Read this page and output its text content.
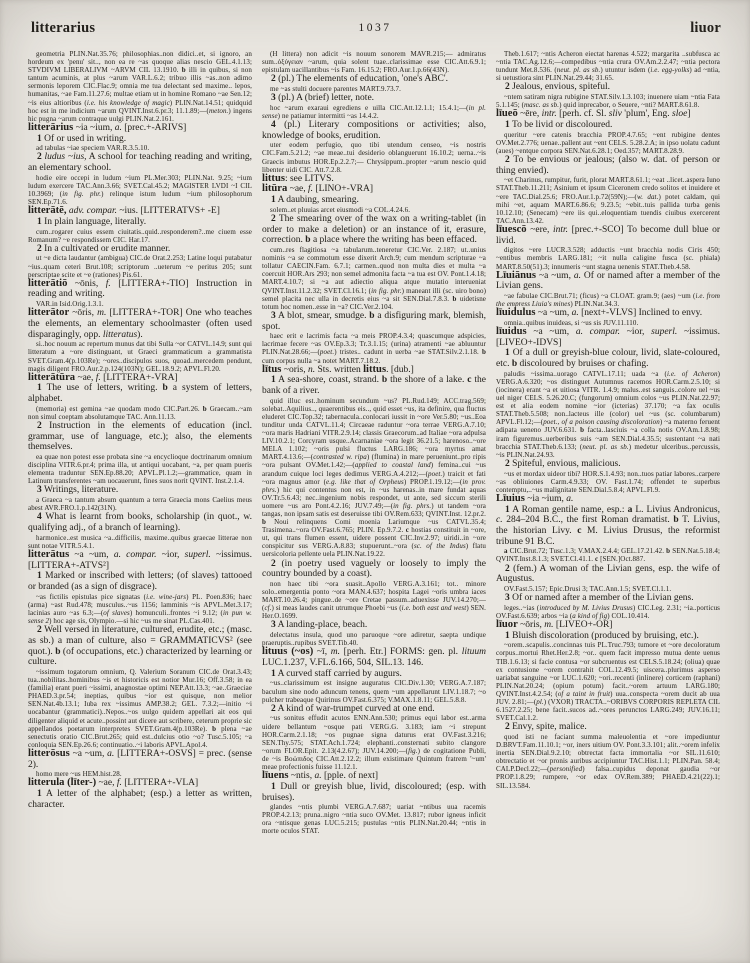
litterarius	1037	liuor

geometria PLIN.Nat.35.76; philosophias..non didici..et, si ignoro, an hordeum ex 'penu' sit.., non ea re ~as quoque alias nescio GEL.4.1.13; STVDIVM LIBERALIVM ~ARVM CIL 13.1910. b illi in quibus, si non tantum acuminis, at plus ~arum VAR.L.6.2; tribuo illis ~as..non adimo sermonis leporem CIC.Flac.9; omnia me tua delectant sed maxime.. lepos, humanitas, ~ae Fam.11.27.6; multae etiam ut in homine Romano ~ae Sen.12; ~is eius altioribus (i.e. his knowledge of magic) PLIN.Nat.14.51; quidquid hoc est in me indicium ~arum QVINT.Inst.6.pr.3; 11.1.89;—(meton.) ingens hic pugna ~arum contraque uulgi PLIN.Nat.2.161.

litterārius ~ia ~ium, a. [prec.+-ARIVS]

1 Of or used in writing.

ad tabulas ~iae speciem VAR.R.3.5.10.

2 ludus ~ius, A school for teaching reading and writing, an elementary school.

hodie eire occepi in ludum ~ium PL.Mer.303; PLIN.Nat. 9.25; ~ium ludum exercere TAC.Ann.3.66; SVET.Cal.45.2; MAGISTER LVDI ~I CIL 10.3969; (in fig. phr.) relinque istum ludum ~ium philosophorum SEN.Ep.71.6.

litterātē, adv. compar. ~ius. [LITTERATVS+ -E]

1 In plain language, literally.

cum..rogarer cuius essem ciuitatis..quid..responderem?..me ciuem esse Romanum? ~e respondissem CIC. Har.17.

2 In a cultivated or erudite manner.

ut ~e dicta laudantur (ambigua) CIC.de Orat.2.253; Latine loqui putabatur ~ius..quam ceteri Brut.108; scriptorum ..ueterum ~e peritus 205; sunt perscriptae scite et ~e (rationes) Pis.61.

litterātiō ~ōnis, f. [LITTERA+-TIO] Instruction in reading and writing.

VAR.in Isid.Orig.1.3.1.

litterātor ~ōris, m. [LITTERA+-TOR] One who teaches the elements, an elementary schoolmaster (often used disparagingly, opp. litteratus).

si..hoc nouum ac repertum munus dat tibi Sulla ~or CATVL.14.9; sunt qui litteratum a ~ore distinguant, ut Graeci grammaticum a grammatista SVET.Gram.4(p.103Re); ~ores..discipulos suos, quoad..mercedem pendunt, magis diligent FRO.Aur.2.p.124(103N); GEL.18.9.2; APVL.Fl.20.

litterātūra ~ae, f. [LITTERA+-VRA]

1 The use of letters, writing. b a system of letters, alphabet.

(memoria) est gemina ~ae quodam modo CIC.Part.26. b Graecam..~am non simul coeptam absolutamque TAC. Ann.11.13.

2 Instruction in the elements of education (incl. grammar, use of language, etc.); also, the elements themselves.

ea quae non potest esse probata sine ~a encyclioque doctrinarum omnium disciplina VITR.6.pr.4; prima illa, ut antiqui uocabant, ~a, per quam pueris elementa traduntur SEN.Ep.88.20; APVL.Pl.1.2;—grammatice, quam in Latinum transferentes ~am uocauerunt, fines suos norit QVINT. Inst.2.1.4.

3 Writings, literature.

a Graeca ~a tantum absum quantum a terra Graecia mons Caelius meus abest AVR.FRO.1.p.142(31N).

4 What is learnt from books, scholarship (in quot., w. qualifying adj., of a branch of learning).

harmonice..est musica ~a..difficilis, maxime..quibus graecae litterae non sunt notae VITR.5.4.1.

litterātus ~a ~um, a. compar. ~ior, superl. ~issimus. [LITTERA+-ATVS²]

1 Marked or inscribed with letters; (of slaves) tattooed or branded (as a sign of disgrace).

~as fictilis epistulas pice signatas (i.e. wine-jars) PL. Poen.836; haec (arma) ~ast Rud.478; musculus..~us 1156; lamminis ~is APVL.Met.3.17; lacinias auro ~as 6.3;—(of slaves) homunculi..frontes ~i 9.12; (in pun w. sense 2) hoc age sis, Olympio.—si hic ~us me sinat PL.Cas.401.

2 Well versed in literature, cultured, erudite, etc.; (masc. as sb.) a man of culture, also = GRAMMATICVS² (see quot.). b (of occupations, etc.) characterized by learning or culture.

~issimum togatorum omnium, Q. Valerium Soranum CIC.de Orat.3.43; tua..nobilitas..hominibus ~is et historicis est notior Mur.16; Off.3.58; in ea (familia) erant pueri ~issimi, anagnostae optimi NEP.Att.13.3; ~ae..Graeciae PHAED.3.pr.54; ineptias, quibus ~ior est quisque, non melior SEN.Nat.4b.13.1; Iuba rex ~issimus AMP.38.2; GEL. 7.3.2;—initio ~i uocabantur (grammatici)..Nepos..~os uulgo quidem appellari ait eos qui diligenter aliquid et acute..possint aut dicere aut scribere, ceterum proprie sic appellandos poetarum interpretes SVET.Gram.4(p.103Re). b plena ~ae senectutis oratio CIC.Brut.265; quid est..dulcius otio ~o? Tusc.5.105; ~a conloquia SEN.Ep.26.6; continuatio..~i laboris APVL.Apol.4.

litterōsus ~a ~um, a. [LITTERA+-OSVS] = prec. (sense 2).

homo mere ~us HEM.hist.28.

litterula (līter-) ~ae, f. [LITTERA+-VLA]

1 A letter of the alphabet; (esp.) a letter as written, character.

(H littera) non adicit ~is nouum sonorem MAVR.215;— admiratus sum..ὀξύγειαν ~arum, quia solent tuae..clarissimae esse CIC.Att.6.9.1; epistulam uacillantibus ~is Fam. 16.15.2; FRO.Aur.1.p.66(43N).

2 (pl.) The elements of education, 'one's ABC'.

me ~as stulti docuere parentes MART.9.73.7.

3 (pl.) A (brief) letter, note.

hoc ~arum exaraui egrediens e uilla CIC.Att.12.1.1; 15.4.1;—(in pl. sense) ne patiamur intermitti ~as 14.4.2.

4 (pl.) Literary compositions or activities; also, knowledge of books, erudition.

uter eodem perfugio, quo tibi utendum censeo, ~is nostris CIC.Fam.5.21.2; ~ae meae..tui desiderio oblanguerunt 16.10.2; uerna..~is Graecis imbutus HOR.Ep.2.2.7;— Chrysippum..propter ~arum nescio quid libenter uidi CIC. Att.7.2.8.

littus: see LITVS.

litūra ~ae, f. [LINO+-VRA]

1 A daubing, smearing.

solem..et pluuias arcet eiusmodi ~a COL.4.24.6.

2 The smearing over of the wax on a writing-tablet (in order to make a deletion) or an instance of it, erasure, correction. b a place where the writing has been effaced.

cum..res flagitiosa ~a tabularum..teneretur CIC.Ver. 2.187; ut..unius nominis ~a se commotum esse dixerit Arch.9; cum mendum scripturae ~a tollatur CAECIN.Fam. 6.7.1; carmen..quod non multa dies et multa ~a coercuit HOR.Ars 293; non semel admonita facta ~a tua est OV. Pont.1.4.18; MART.4.10.7; si ~a aut adiectio aliqua atque mutatio interueniat QVINT.Inst.11.2.32; SVET.Cl.16.1; (in fig. phr.) maneant illi (sc. uiro bono) semel placita nec ulla in decretis eius ~a sit SEN.Dial.7.8.3. b uidetisne totum hoc nomen..esse in ~a? CIC.Ver.2.104.

3 A blot, smear, smudge. b a disfiguring mark, blemish, spot.

haec erit e lacrimis facta ~a meis PROP.4.3.4; quascumque adspicies, lacrimae fecere ~as OV.Ep.3.3; Tr.3.1.15; (urina) atramenti ~ae abluuntur PLIN.Nat.28.66;—(poet.) tristes.. cadunt in uerba ~ae STAT.Silv.2.1.18. b cum corpus nulla ~a notet MART.7.18.2.

lītus ~oris, n. Sts. written littus. [dub.]

1 A sea-shore, coast, strand. b the shore of a lake. c the bank of a river.

quid illuc est..hominum secundum ~us? PL.Rud.149; ACC.trag.569; solebat..Aquilius.., quaerentibus eis.., quid esset ~us, ita definire, qua fluctus eluderet CIC.Top.32; tabernacula..conlocari iussit in ~ore Ver.5.80; ~us..Eoa tunditur unda CATVL.11.4; Circaeae raduntur ~ora terrae VERG.A.7.10; ~ora maris Hadriani VITR.2.9.14; classis Graecorum..ad Italiae ~ora adpulsa LIV.10.2.1; Corcyram usque..Acarnaniae ~ora legit 36.21.5; harenoso..~ore MELA 1.102; ~oris pulsi fluctus LARG.186; ~ora myrtus amat MART.4.13.6;—(contrasted w. ripa) (flumina) in mare perueniunt..pro ripis ~ora pulsant OV.Met.1.42;—(applied to coastal land) femina..cui ~us arandum cuique loci leges dedimus VERG.A.4.212;—(poet.) traicit et fati ~ora magnus amor (e.g. like that of Orpheus) PROP.1.19.12;—(in prov. phrs.) hic qui contentus non est, in ~us harenas..in mare fundat aquas OV.Tr.5.6.43; nec..ingenium nobis respondet, ut ante, sed siccum sterili uomere ~us aro Pont.4.2.16; JUV.7.49;—(in fig. phrs.) ut tandem ~ora tangas, non ipsam satis est deseruisse tibi OV.Rem.633; QVINT.Inst. 12.pr.2. b Noui relinquens Comi moenia Lariumque ~us CATVL.35.4; Trasimena..~ora OV.Fast.6.765; PLIN. Ep.9.7.2. c hostias constituit in ~ore, ut, qui trans flumen essent, uidere possent CIC.Inv.2.97; uiridi..in ~ore conspicitur sus VERG.A.8.83; stupuerunt..~ora (sc. of the Indus) flatu uersicoloria pellente uela PLIN.Nat.19.22.

2 (in poetry used vaguely or loosely to imply the country bounded by a coast).

non haec tibi ~ora suasit..Apollo VERG.A.3.161; tot.. minore solo..emergentia ponto ~ora MAN.4.637; hospita Lagei ~oris umbra iaces MART.10.26.4; pingue..de ~ore Cretae passum..aduexisse JUV.14.270;—(cf.) si meas laudes canit utrumque Phoebi ~us (i.e. both east and west) SEN. Her.O.1699.

3 A landing-place, beach.

delectatus insula, quod uno paruoque ~ore adiretur, saepta undique praeruptis..rupibus SVET.Tib.40.

lituus (~os) ~ī, m. [perh. Etr.] FORMS: gen. pl. lituum LUC.1.237, V.FL.6.166, 504, SIL.13. 146.

1 A curved staff carried by augurs.

~us..clarissimum est insigne auguratus CIC.Div.1.30; VERG.A.7.187; baculum sine nodo aduncum tenens, quem ~um appellarunt LIV.1.18.7; ~o pulcher trabeaque Quirinus OV.Fast.6.375; V.MAX.1.8.11; GEL.5.8.8.

2 A kind of war-trumpet curved at one end.

~us sonitus effudit acutos ENN.Ann.530; primus equi labor est..arma uidere bellantum ~osque pati VERG.G. 3.183; iam ~i strepunt HOR.Carm.2.1.18; ~os pugnae signa daturus erat OV.Fast.3.216; SEN.Thy.575; STAT.Ach.1.724; elephanti..consternati subito clangore ~orum FLOR.Epit. 2.13(4.2.67); JUV.14.200;—(fig.) de cogitatione Publi, de ~is Βοώπιδος CIC.Att.2.12.2; illum existimare Quintum fratrem '~um' meae profectionis fuisse 11.12.1.

līuens ~ntis, a. [pple. of next]

1 Dull or greyish blue, livid, discoloured; (esp. with bruises).

glandes ~ntis plumbi VERG.A.7.687; uariat ~ntibus uua racemis PROP.4.2.13; pruna..nigro ~ntia suco OV.Met. 13.817; rubor igneus inficit ora ~ntisque genas LUC.5.215; pustulas ~ntis PLIN.Nat.20.44; ~ntis in morte oculos STAT.

Theb.1.617; ~ntis Acheron eiectat harenas 4.522; margarita ..subfusca ac ~ntia TAC.Ag.12.6;—compedibus ~ntia crura OV.Am.2.2.47; ~ntia pectora tundunt Met.8.536. (neut. pl. as sb.) utuntur isdem (i.e. egg-yolks) ad ~ntia, si uetustiora sint PLIN.Nat.29.44; 31.65.

2 Jealous, envious, spiteful.

~ntem satiram nigra rubigine STAT.Silv.1.3.103; inuenere uiam ~ntia Fata 5.1.145; (masc. as sb.) quid inprecabor, o Seuere, ~nti? MART.8.61.8.

līueō ~ēre, intr. [perh. cf. Sl. sliv 'plum', Eng. sloe]

1 To be livid or discoloured.

queritur ~ere catenis bracchia PROP.4.7.65; ~ent rubigine dentes OV.Met.2.776; uenae..pallent aut ~ent CELS. 5.28.2.A; in ipso uolatu cadunt (aues) ~entque corpora SEN.Nat.6.28.1; Oed.357; MART.8.28.9.

2 To be envious or jealous; (also w. dat. of person or thing envied).

~et Charinus, rumpitur, furit, plorat MART.8.61.1; ~eat ..licet..aspera Iuno STAT.Theb.11.211; Asinium et ipsum Ciceronem credo solitos et inuidere et ~ere TAC.Dial.25.6; FRO.Aur.1.p.72(59N);—(w. dat.) potet caldam, qui mihi ~et, aquam MART.6.86.6; 9.23.5; ~ebit..tuis pallida turba genis 10.12.10; (Senecam) ~ere iis qui..eloquentiam tuendis ciuibus exercerent TAC.Ann.13.42.

līuescō ~ere, intr. [prec.+-SCO] To become dull blue or livid.

digitos ~ere LUCR.3.528; adductis ~unt bracchia nodis Ciris 450; ~entibus membris LARG.181; ~it nulla caligine fusca (sc. phiala) MART.8.50(51).3; innumeris ~unt stagna uenenis STAT.Theb.4.58.

Līuiānus ~a ~um, a. Of or named after a member of the Livian gens.

~ae fabulae CIC.Brut.71; (ficus) ~a CLOAT. gram.9; (aes) ~um (i.e. from the empress Liuia's mines) PLIN.Nat.34.3.

līuidulus ~a ~um, a. [next+-VLVS] Inclined to envy.

omnia..quibus inuideas, si ~us sis JUV.11.110.

līuidus ~a ~um, a. compar. ~ior, superl. ~issimus. [LIVEO+-IDVS]

1 Of a dull or greyish-blue colour, livid, slate-coloured, etc. b discoloured by bruises or chafing.

paludis ~issima..uorago CATVL.17.11; uada ~a (i.e. of Acheron) VERG.A.6.320; ~os distinguet Autumnus racemos HOR.Carm.2.5.10; si (iocinera) erant ~a et uitiosa VITR. 1.4.9; malus..est sanguis..colore uel ~us uel niger CELS. 5.26.20.C; (fungorum) omnium colos ~us PLIN.Nat.22.97; est et alia eodem nomine ~ior (icterias) 37.170; ~a fax oculis STAT.Theb.5.508; non..lacteus ille (color) uel ~us (sc. columbarum) APVL.Fl.12;—(poet., of a poison causing discoloration) ~a materno feruent adipata ueneno JUV.6.631. b facta..lasciuis ~a colla notis OV.Am.1.8.98; iram figuremus..uerberibus suis ~am SEN.Dial.4.35.5; sustentant ~a nati bracchia STAT.Theb.6.133; (neut. pl. as sb.) medetur ulceribus..percussis, ~is PLIN.Nat.24.93.

2 Spiteful, envious, malicious.

~us et mordax uideor tibi? HOR.S.1.4.93; non..tuos patiar labores..carpere ~as obliuiones Carm.4.9.33; OV. Fast.1.74; offendet te superbus contemptu,..~us malignitate SEN.Dial.5.8.4; APVL.Fl.9.

Līuius ~ia ~ium, a.

1 A Roman gentile name, esp.: a L. Livius Andronicus, c. 284–204 B.C., the first Roman dramatist. b T. Livius, the historian Livy. c M. Livius Drusus, the reformist tribune 91 B.C.

a CIC.Brut.72; Tusc.1.3; V.MAX.2.4.4; GEL.17.21.42. b SEN.Nat.5.18.4; QVINT.Inst.8.1.3; SVET.Cl.41.1. c [SEN.]Oct.887.

2 (fem.) A woman of the Livian gens, esp. the wife of Augustus.

OV.Fast.5.157; Epic.Drusi 3; TAC.Ann.1.5; SVET.Cl.1.1.

3 Of or named after a member of the Livian gens.

leges..~ias (introduced by M. Livius Drusus) CIC.Leg. 2.31; ~ia..porticus OV.Fast.6.639; arbos ~ia (a kind of fig) COL.10.414.

līuor ~ōris, m. [LIVEO+-OR]

1 Bluish discoloration (produced by bruising, etc.).

~orem..scapulis..concinnas tuis PL.Truc.793; tumore et ~ore decoloratum corpus..mortui Rhet.Her.2.8; ~or.. quem facit impresso mutua dente uenus TIB.1.6.13; si facie contusa ~or subcruentus est CELS.5.18.24; (oliua) quae ex contusione ~orem contrahit COL.12.49.5; uiscera..plurimus asperso uariabat sanguine ~or LUC.1.620; ~ori..recenti (inlinere) corticem (raphani) PLIN.Nat.20.24; (opium potum) facit..~orem artuum LARG.180; QVINT.Inst.4.2.54; (of a taint in fruit) uua..conspecta ~orem ducit ab uua JUV. 2.81;—(pl.) (VXOR) TRACTA..~ORIBVS CORPORIS REPLETA CIL 6.1527.2.25; bene facit..sucos ad..~ores perunctos LARG.249; JUV.16.11; SVET.Cal.1.2.

2 Envy, spite, malice.

quod isti ne faciant summa maleuolentia et ~ore impediuntur D.BRVT.Fam.11.10.1; ~or, iners uitium OV. Pont.3.3.101; alit..~orem infelix inertia SEN.Dial.9.2.10; obtrectat facta immortalia ~or SIL.11.610; obtrectatio et ~or pronis auribus accipiuntur TAC.Hist.1.1; PLIN.Pan. 58.4; CALP.Decl.22;—(personified) falsa..cupidus deponat gaudia ~or PROP.1.8.29; rumpere, ~or edax OV.Rem.389; PHAED.4.21(22).1; SIL.13.584.
